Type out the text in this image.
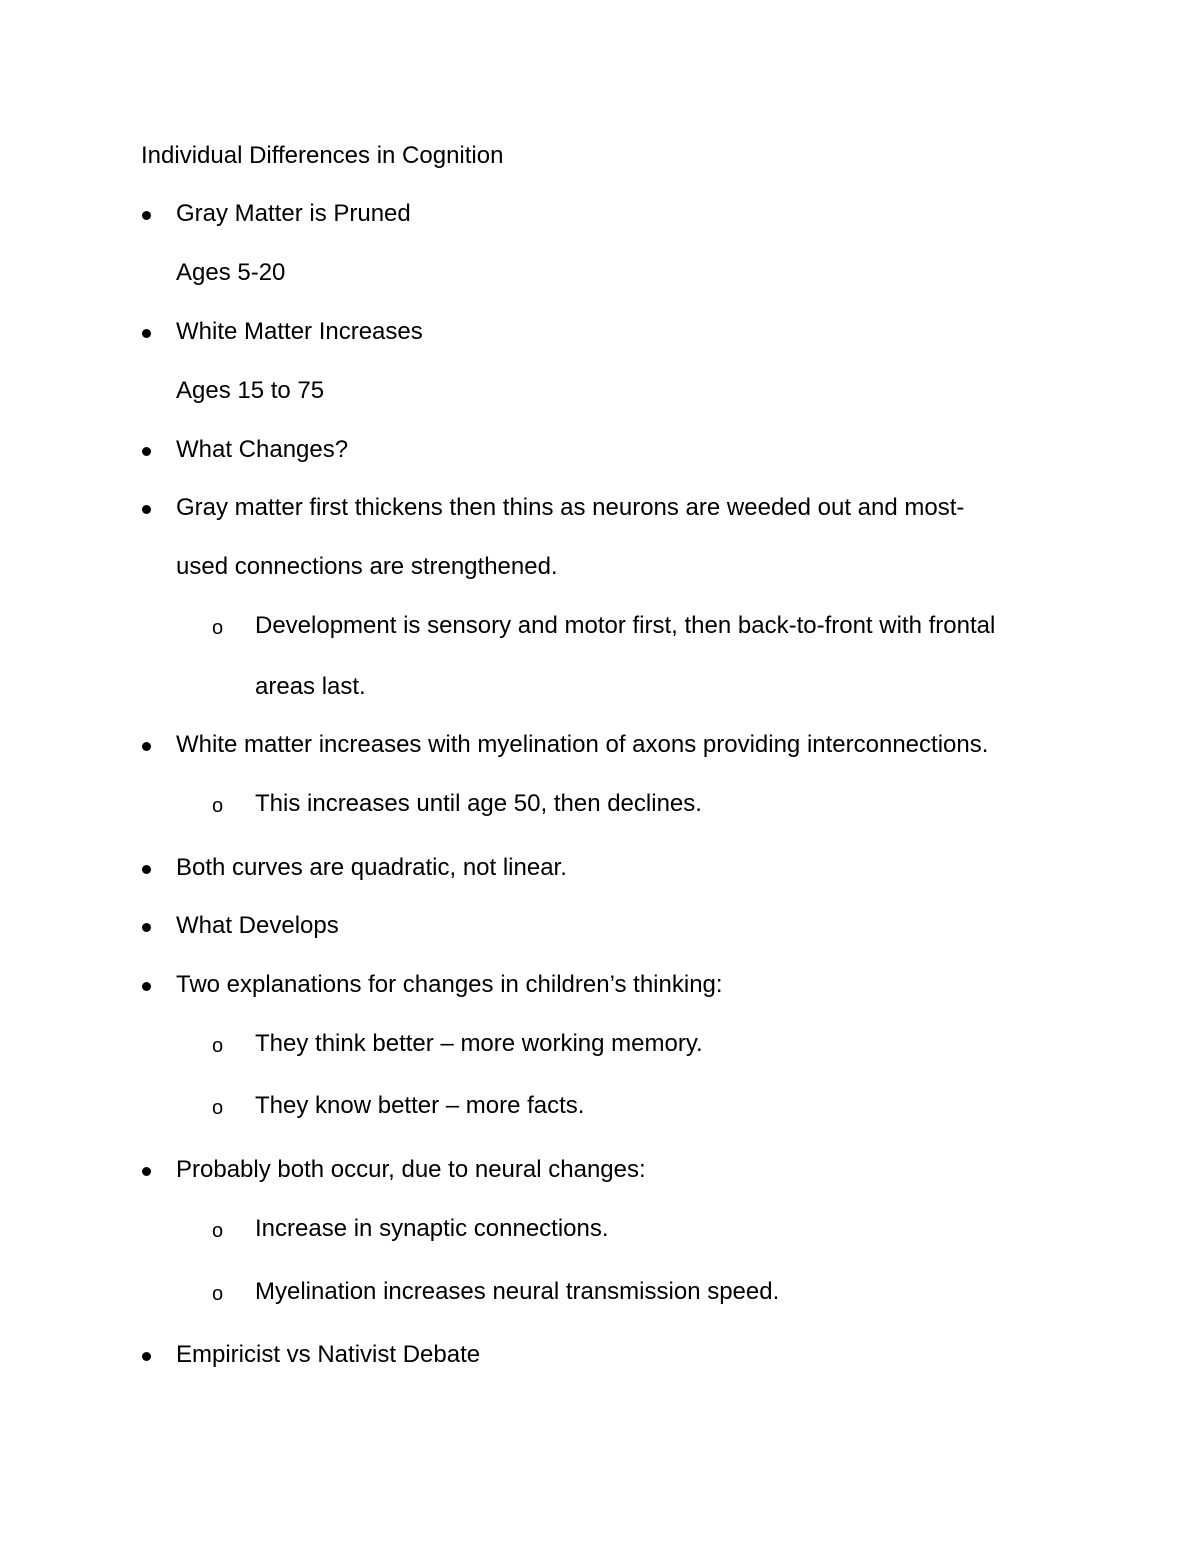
Individual Differences in Cognition
Gray Matter is Pruned
Ages 5-20
White Matter Increases
Ages 15 to 75
What Changes?
Gray matter first thickens then thins as neurons are weeded out and most-
used connections are strengthened.
o Development is sensory and motor first, then back-to-front with frontal
areas last.
White matter increases with myelination of axons providing interconnections.
o This increases until age 50, then declines.
Both curves are quadratic, not linear.
What Develops
Two explanations for changes in children’s thinking:
o They think better – more working memory.
o They know better – more facts.
Probably both occur, due to neural changes:
o Increase in synaptic connections.
o Myelination increases neural transmission speed.
Empiricist vs Nativist Debate
